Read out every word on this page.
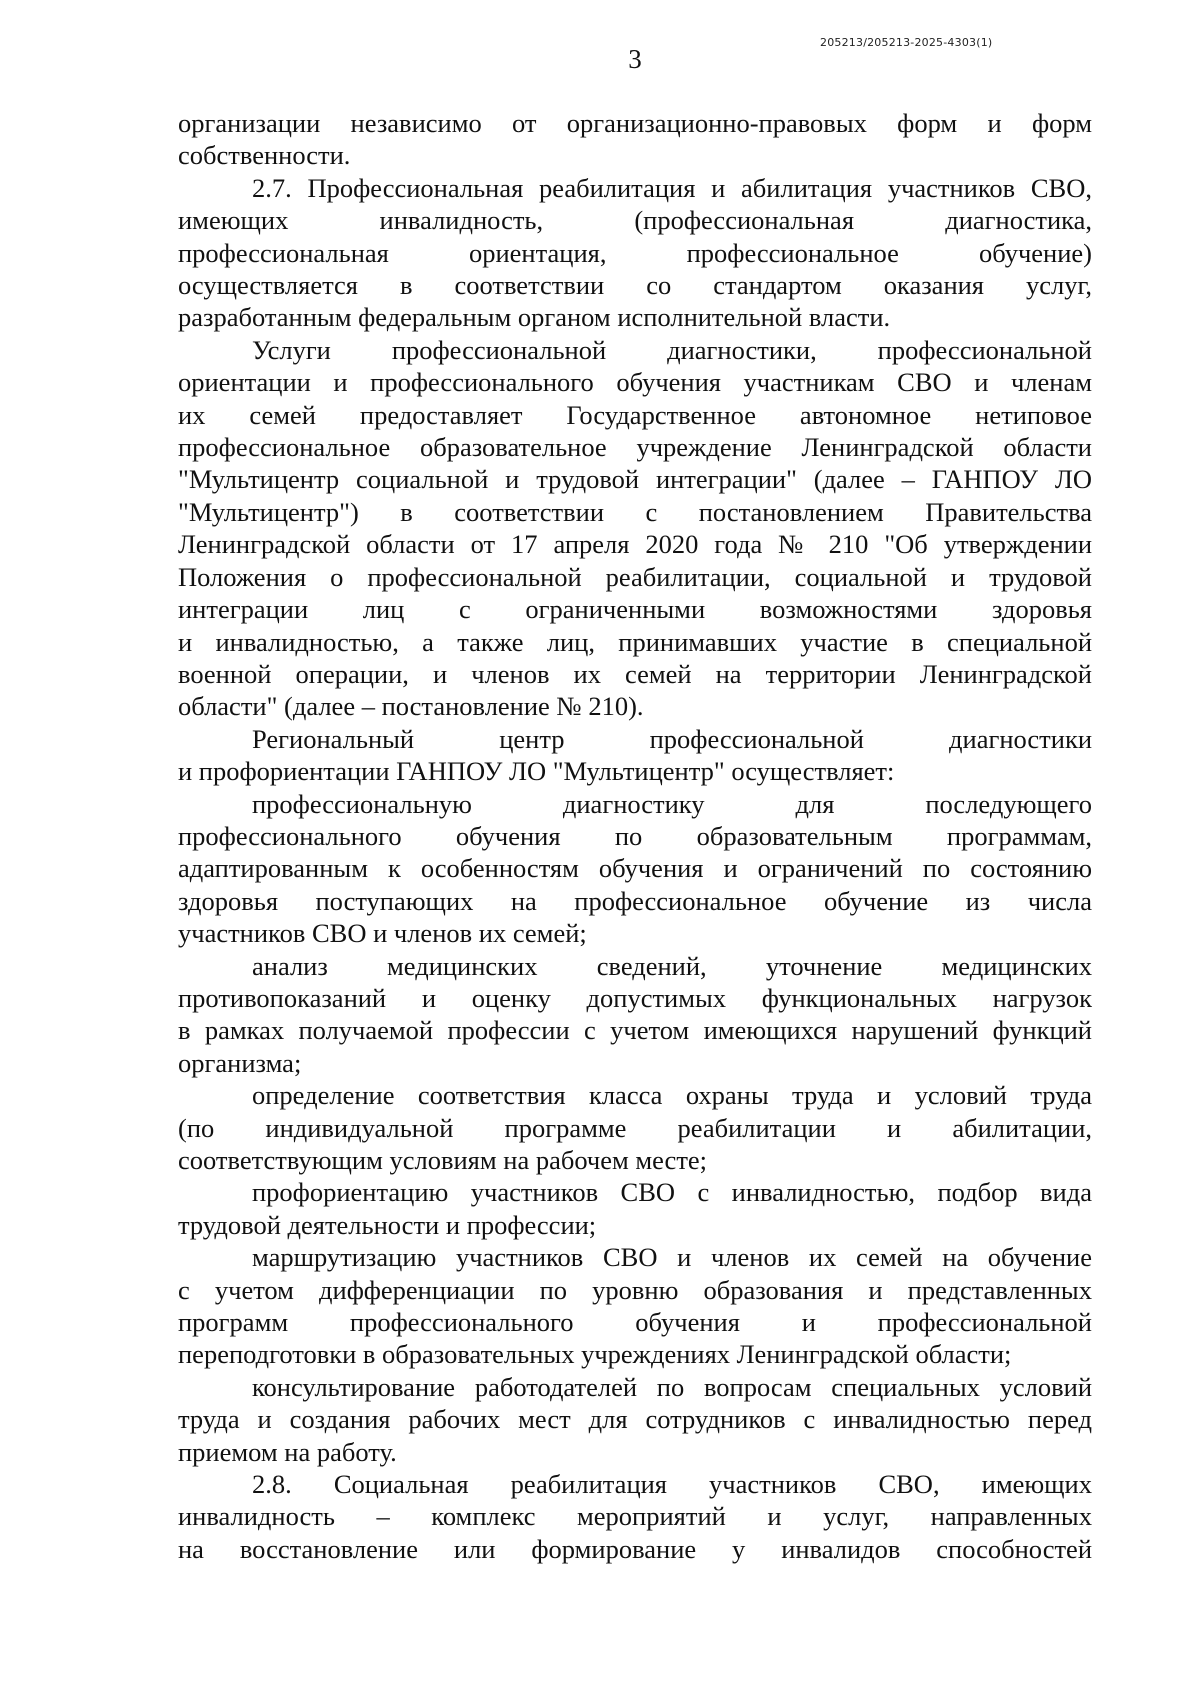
205213/205213-2025-4303(1)
3

организации независимо от организационно-правовых форм и форм

собственности.

2.7. Профессиональная реабилитация и абилитация участников СВО,

имеющих инвалидность, (профессиональная диагностика,

профессиональная ориентация, профессиональное обучение)

осуществляется в соответствии со стандартом оказания услуг,

разработанным федеральным органом исполнительной власти.

Услуги профессиональной диагностики, профессиональной

ориентации и профессионального обучения участникам СВО и членам

их семей предоставляет Государственное автономное нетиповое

профессиональное образовательное учреждение Ленинградской области

"Мультицентр социальной и трудовой интеграции" (далее – ГАНПОУ ЛО

"Мультицентр") в соответствии с постановлением Правительства

Ленинградской области от 17 апреля 2020 года № 210 "Об утверждении

Положения о профессиональной реабилитации, социальной и трудовой

интеграции лиц с ограниченными возможностями здоровья

и инвалидностью, а также лиц, принимавших участие в специальной

военной операции, и членов их семей на территории Ленинградской

области" (далее – постановление № 210).

Региональный центр профессиональной диагностики

и профориентации ГАНПОУ ЛО "Мультицентр" осуществляет:

профессиональную диагностику для последующего

профессионального обучения по образовательным программам,

адаптированным к особенностям обучения и ограничений по состоянию

здоровья поступающих на профессиональное обучение из числа

участников СВО и членов их семей;

анализ медицинских сведений, уточнение медицинских

противопоказаний и оценку допустимых функциональных нагрузок

в рамках получаемой профессии с учетом имеющихся нарушений функций

организма;

определение соответствия класса охраны труда и условий труда

(по индивидуальной программе реабилитации и абилитации,

соответствующим условиям на рабочем месте;

профориентацию участников СВО с инвалидностью, подбор вида

трудовой деятельности и профессии;

маршрутизацию участников СВО и членов их семей на обучение

с учетом дифференциации по уровню образования и представленных

программ профессионального обучения и профессиональной

переподготовки в образовательных учреждениях Ленинградской области;

консультирование работодателей по вопросам специальных условий

труда и создания рабочих мест для сотрудников с инвалидностью перед

приемом на работу.

2.8. Социальная реабилитация участников СВО, имеющих

инвалидность – комплекс мероприятий и услуг, направленных

на восстановление или формирование у инвалидов способностей
